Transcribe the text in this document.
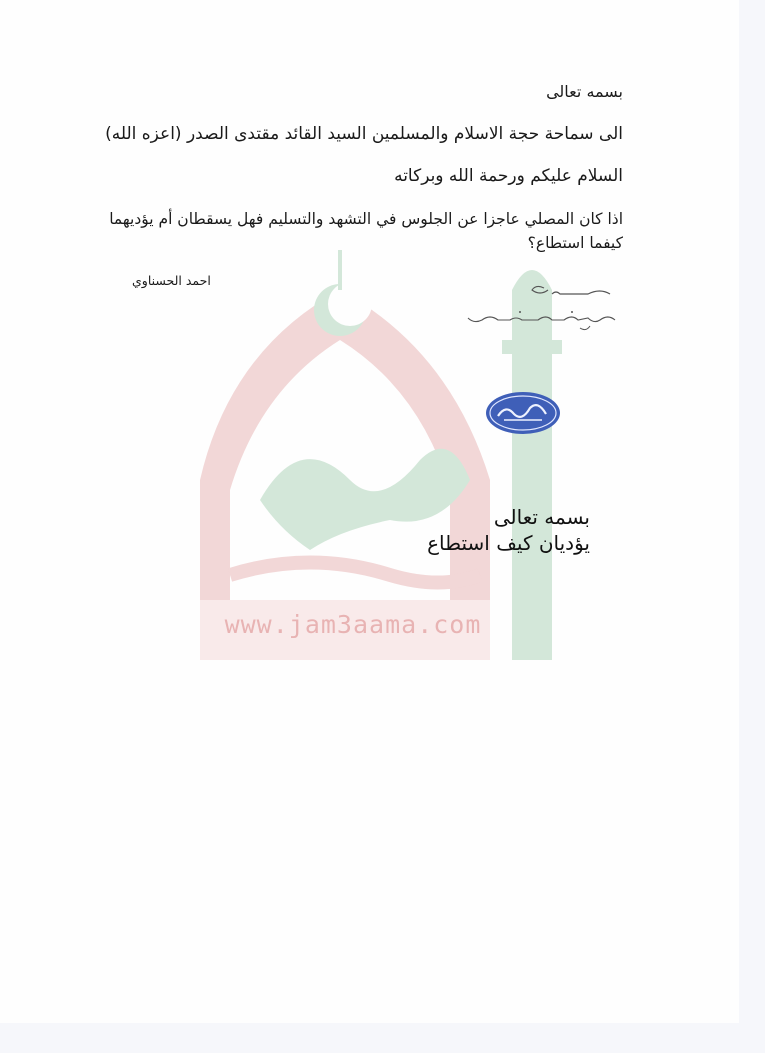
www.jam3aama.com
بسمه تعالى
الى سماحة حجة الاسلام والمسلمين السيد القائد مقتدى الصدر (اعزه الله)
السلام عليكم ورحمة الله وبركاته
اذا كان المصلي عاجزا عن الجلوس في التشهد والتسليم فهل يسقطان أم يؤديهما كيفما استطاع؟
احمد الحسناوي
بسمه تعالى
يؤديان كيف استطاع
